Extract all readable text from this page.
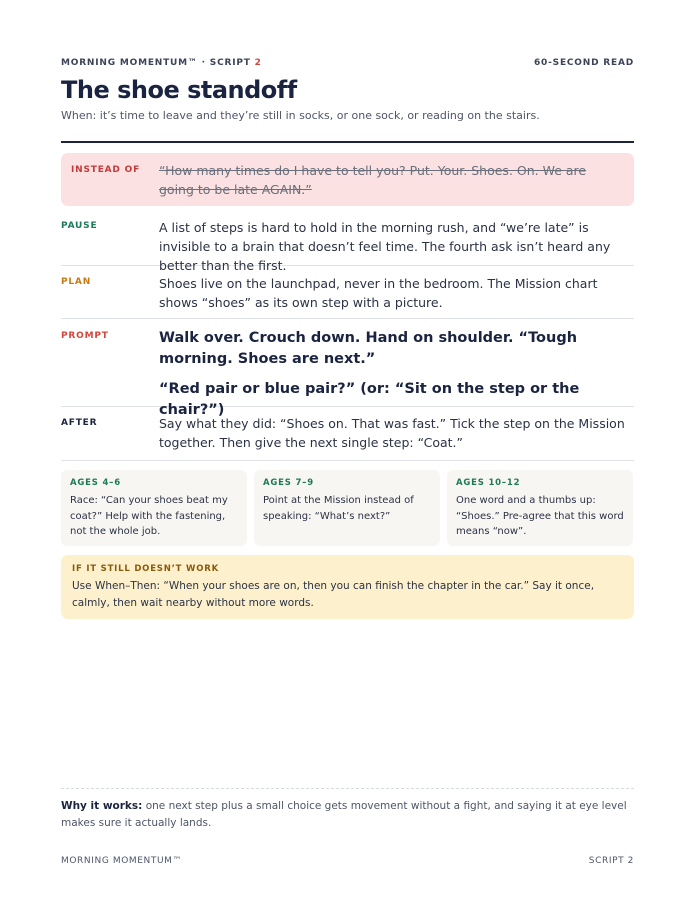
MORNING MOMENTUM™ · SCRIPT 2	60-SECOND READ
The shoe standoff

When: it’s time to leave and they’re still in socks, or one sock, or reading on the stairs.

INSTEAD OF “How many times do I have to tell you? Put. Your. Shoes. On. We are going to be late AGAIN.”

PAUSE	A list of steps is hard to hold in the morning rush, and “we’re late” is invisible to a brain that doesn’t feel time. The fourth ask isn’t heard any better than the first.

PLAN	Shoes live on the launchpad, never in the bedroom. The Mission chart shows “shoes” as its own step with a picture.

PROMPT	Walk over. Crouch down. Hand on shoulder. “Tough morning. Shoes are next.”

“Red pair or blue pair?” (or: “Sit on the step or the chair?”)

AFTER	Say what they did: “Shoes on. That was fast.” Tick the step on the Mission together. Then give the next single step: “Coat.”

AGES 4–6
Race: “Can your shoes beat my coat?” Help with the fastening, not the whole job.
AGES 7–9
Point at the Mission instead of speaking: “What’s next?”
AGES 10–12
One word and a thumbs up: “Shoes.” Pre-agree that this word means “now”.
IF IT STILL DOESN’T WORK
Use When–Then: “When your shoes are on, then you can finish the chapter in the car.” Say it once, calmly, then wait nearby without more words.

Why it works: one next step plus a small choice gets movement without a fight, and saying it at eye level makes sure it actually lands.

MORNING MOMENTUM™	SCRIPT 2
